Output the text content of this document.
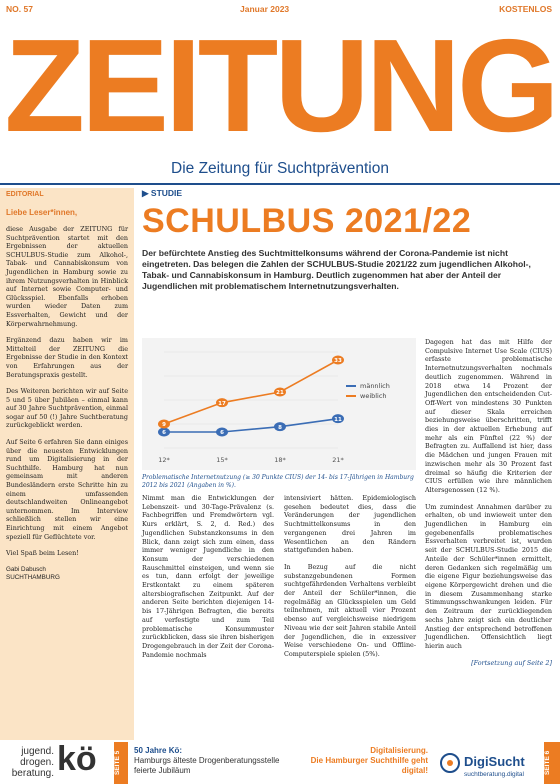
NO. 57	Januar 2023	KOSTENLOS
ZEITUNG
Die Zeitung für Suchtprävention
EDITORIAL
Liebe Leser*innen,

diese Ausgabe der ZEITUNG für Suchtprävention startet mit den Ergebnissen der aktuellen SCHULBUS-Studie zum Alkohol-, Tabak- und Cannabiskonsum von Jugendlichen in Hamburg sowie zu ihrem Nutzungsverhalten in Hinblick auf Internet sowie Computer- und Glücksspiel. Ebenfalls erhoben wurden wieder Daten zum Essverhalten, Gewicht und der Körperwahrnehmung.

Ergänzend dazu haben wir im Mittelteil der ZEITUNG die Ergebnisse der Studie in den Kontext von Erfahrungen aus der Beratungspraxis gestellt.

Des Weiteren berichten wir auf Seite 5 und 5 über Jubiläen – einmal kann auf 30 Jahre Suchtprävention, einmal sogar auf 50 (!) Jahre Suchtberatung zurückgeblickt werden.

Auf Seite 6 erfahren Sie dann einiges über die neuesten Entwicklungen rund um Digitalisierung in der Suchthilfe. Hamburg hat nun gemeinsam mit anderen Bundesländern erste Schritte hin zu einem umfassenden deutschlandweiten Onlineangebot unternommen. Im Interview schließlich stellen wir eine Einrichtung mit einem Angebot speziell für Geflüchtete vor.

Viel Spaß beim Lesen!

Gabi Dabusch
SUCHTHAMBURG
▶ STUDIE
SCHULBUS 2021/22
Der befürchtete Anstieg des Suchtmittelkonsums während der Corona-Pandemie ist nicht eingetreten. Das belegen die Zahlen der SCHULBUS-Studie 2021/22 zum jugendlichen Alkohol-, Tabak- und Cannabiskonsum in Hamburg. Deutlich zugenommen hat aber der Anteil der Jugendlichen mit problematischem Internetnutzungsverhalten.
12*	15*	18*	21*
6	6
8
11
männlich
9
17
21
33
weiblich
Problematische Internetnutzung (≥ 30 Punkte CIUS) der 14- bis 17-Jährigen in Hamburg 2012 bis 2021 (Angaben in %).

Nimmt man die Entwicklungen der Lebenszeit- und 30-Tage-Prävalenz (s. Fachbegriffen und Fremdwörtern vgl. Kurs erklärt, S. 2, d. Red.) des Jugendlichen Substanzkonsums in den Blick, dann zeigt sich zum einen, dass immer weniger Jugendliche in den Konsum der verschiedenen Rauschmittel einsteigen, und wenn sie es tun, dann erfolgt der jeweilige Erstkontakt zu einem späteren altersbiografischen Zeitpunkt. Auf der anderen Seite berichten diejenigen 14- bis 17-Jährigen Befragten, die bereits auf verfestigte und zum Teil problematische Konsummuster zurückblicken, dass sie ihren bisherigen Drogengebrauch in der Zeit der Corona-Pandemie nochmals

intensiviert hätten. Epidemiologisch gesehen bedeutet dies, dass die Veränderungen der jugendlichen Suchtmittelkonsums in den vergangenen drei Jahren im Wesentlichen an den Rändern stattgefunden haben.

In Bezug auf die nicht substanzgebundenen Formen suchtgefährdenden Verhaltens verbleibt der Anteil der Schüler*innen, die regelmäßig an Glücksspielen um Geld teilnehmen, mit aktuell vier Prozent ebenso auf vergleichsweise niedrigem Niveau wie der seit Jahren stabile Anteil der Jugendlichen, die in exzessiver Weise verschiedene On- und Offline-Computerspiele spielen (5%).

Dagegen hat das mit Hilfe der Compulsive Internet Use Scale (CIUS) erfasste problematische Internetnutzungsverhalten nochmals deutlich zugenommen. Während in 2018 etwa 14 Prozent der Jugendlichen den entscheidenden Cut-Off-Wert von mindestens 30 Punkten auf dieser Skala erreichen beziehungsweise überschritten, trifft dies in der aktuellen Erhebung auf mehr als ein Fünftel (22 %) der Befragten zu. Auffallend ist hier, dass die Mädchen und jungen Frauen mit inzwischen mehr als 30 Prozent fast dreimal so häufig die Kriterien der CIUS erfüllen wie ihre männlichen Altersgenossen (12 %).

Um zumindest Annahmen darüber zu erhalten, ob und inwieweit unter den Jugendlichen in Hamburg ein gegebenenfalls problematisches Essverhalten verbreitet ist, wurden seit der SCHULBUS-Studie 2015 die Anteile der Schüler*innen ermittelt, deren Gedanken sich regelmäßig um die eigene Figur beziehungsweise das eigene Körpergewicht drehen und die in diesem Zusammenhang starke Stimmungsschwankungen leiden. Für den Zeitraum der zurückliegenden sechs Jahre zeigt sich ein deutlicher Anstieg der entsprechend betroffenen Jugendlichen. Offensichtlich liegt hierin auch

[Fortsetzung auf Seite 2]
jugend. drogen. beratung. kö	SEITE 5
50 Jahre Kö:
Hamburgs älteste Drogenberatungsstelle feierte Jubiläum
Digitalisierung.
Die Hamburger Suchthilfe geht digital!
DigiSucht
suchtberatung.digital	SEITE 6
